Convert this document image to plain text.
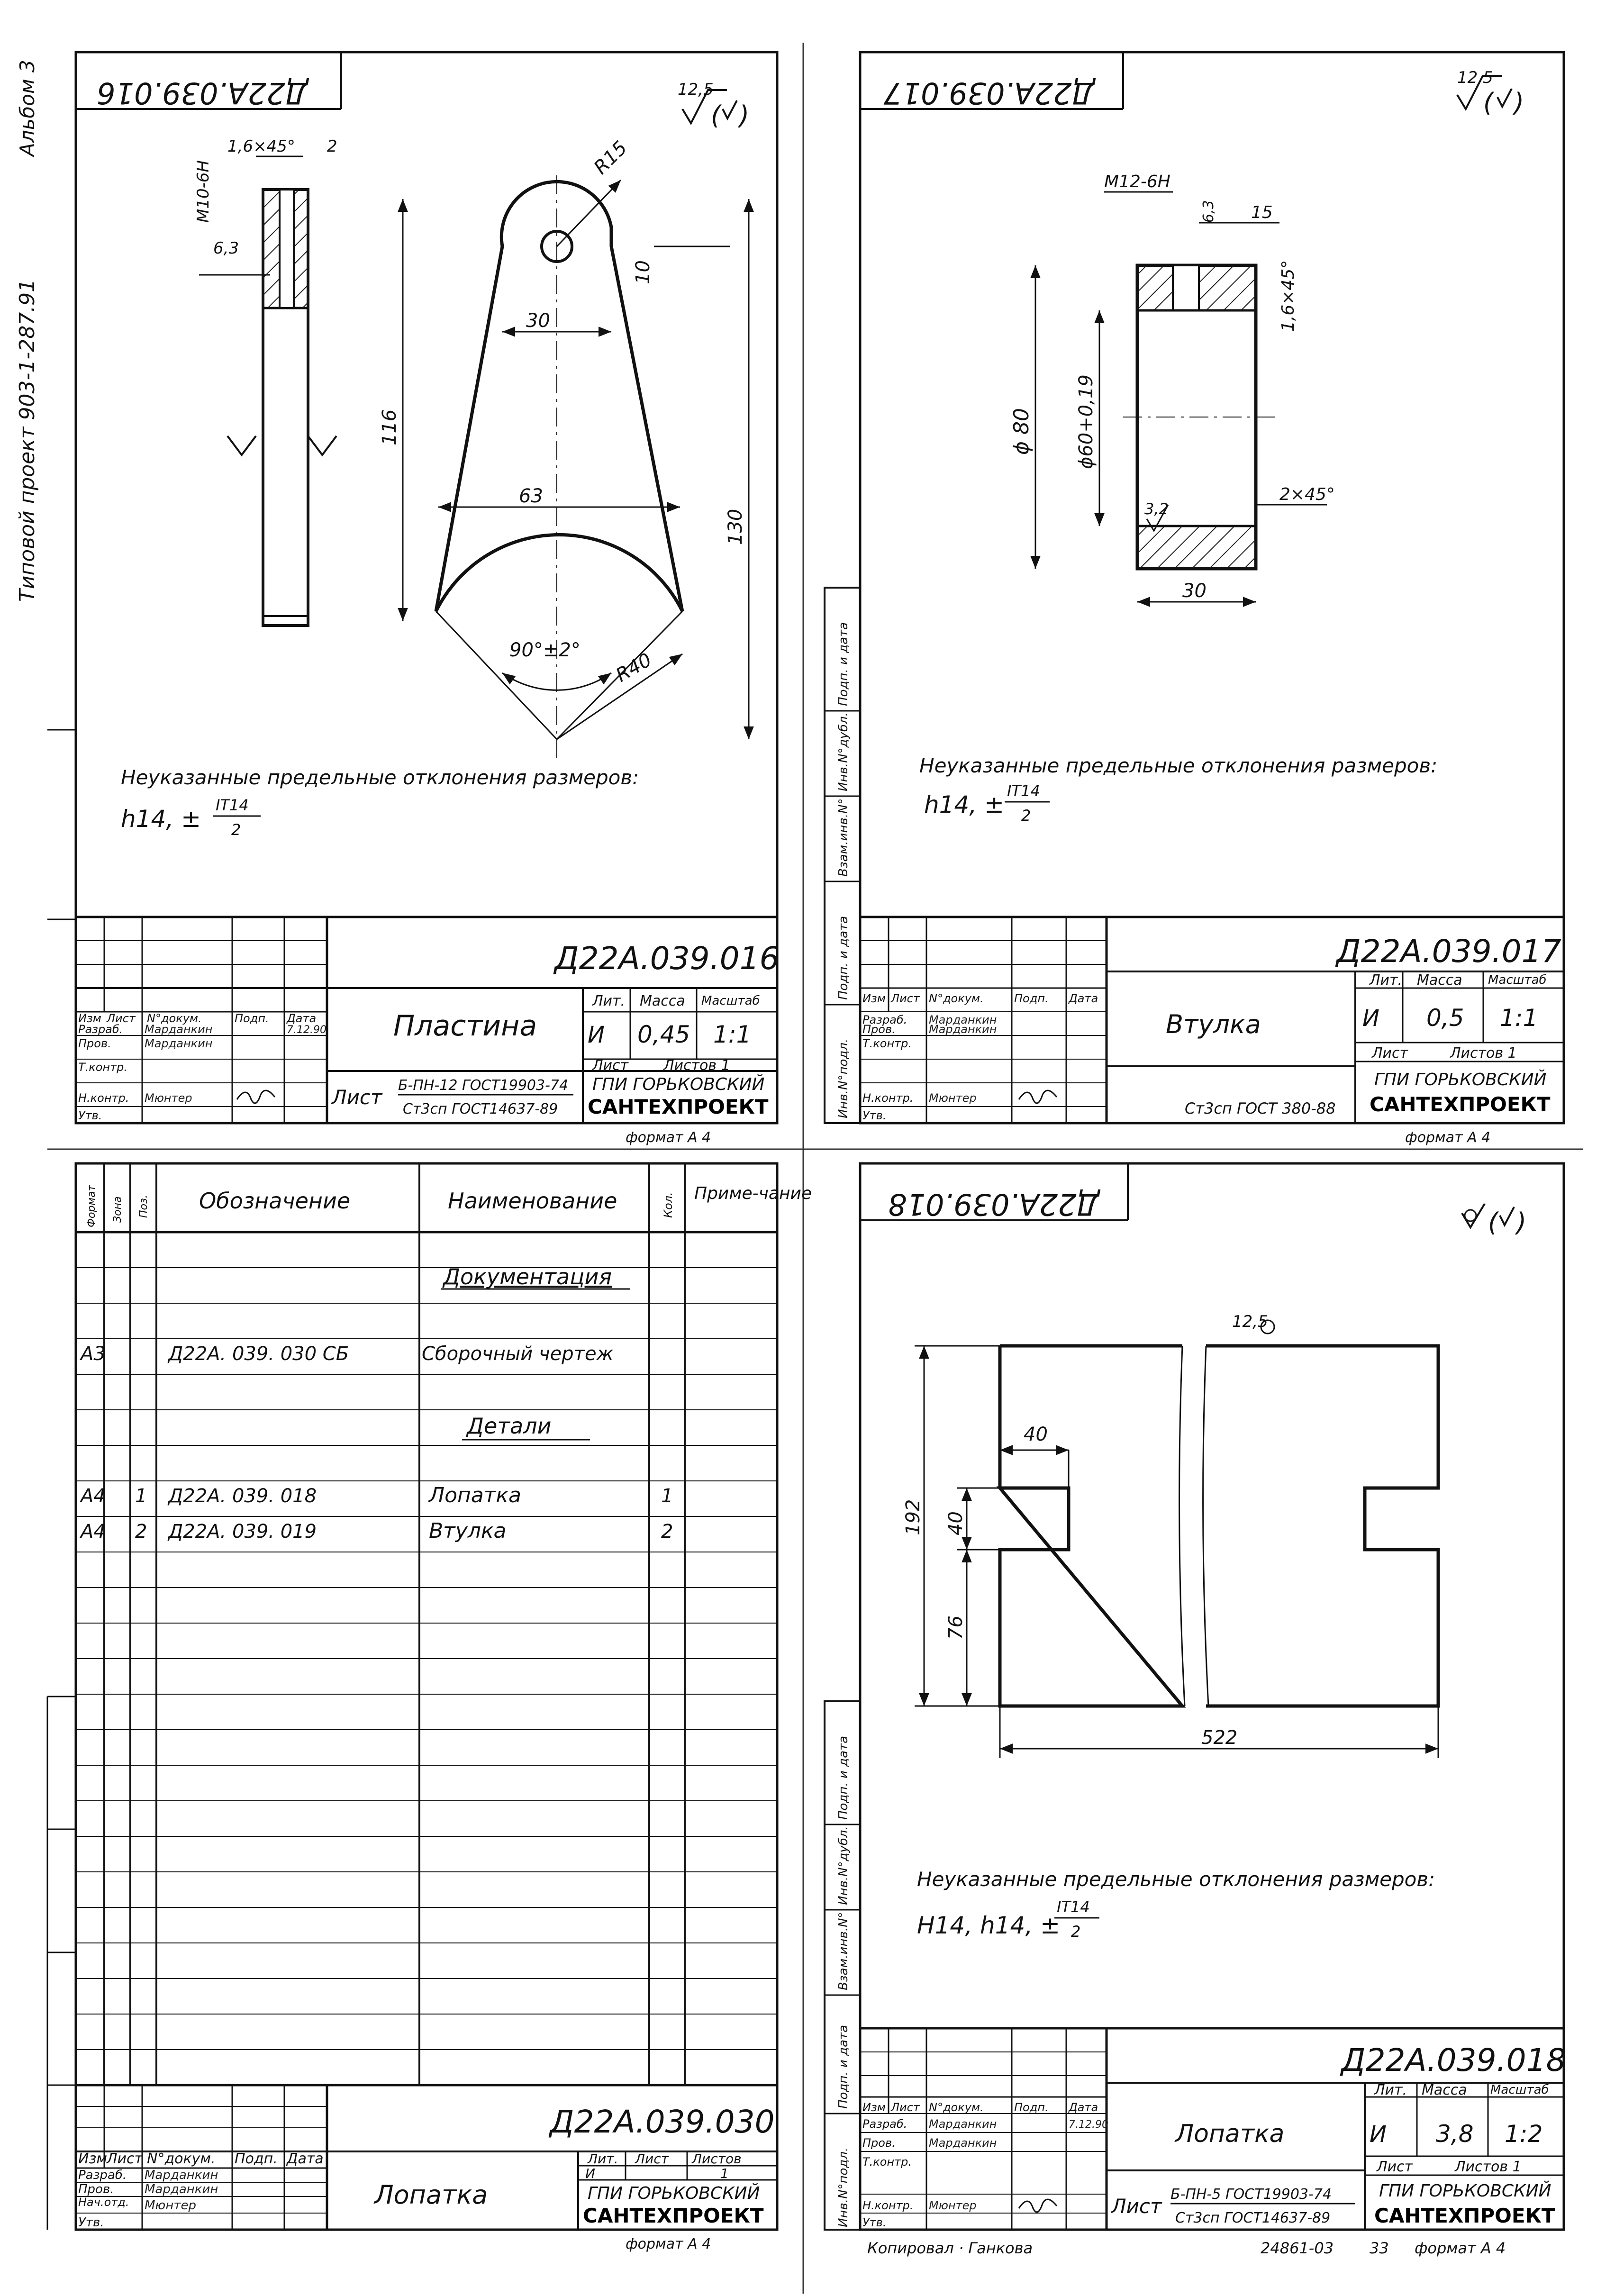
Типовой проект 903-1-287.91
Альбом 3 Д22А.039.016	12,5
( )
1,6×45° 2
М10-6Н
6,3
30
63
116
130
10
R15
90°±2° R40
Неуказанные предельные отклонения размеров:
h14, ± IT14
2
Изм Лист N°докум.	Подп. Дата
Разраб. Марданкин	7.12.90
Пров.	Марданкин
Т.контр.
Н.контр. Мюнтер
Утв.
Д22А.039.016
Пластина
Лит. Масса Масштаб
И 0,45 1:1
Лист Листов 1
ГПИ ГОРЬКОВСКИЙ
САНТЕХПРОЕКТ
Лист
Б-ПН-12 ГОСТ19903-74
Ст3сп ГОСТ14637-89
формат А 4
Д22А.039.017	12,5
( )
ϕ 80 ϕ60+0,19
30
М12-6Н
15
6,3
1,6×45°
2×45°
3,2
Неуказанные предельные отклонения размеров:
h14, ± IT14
2
Инв.N°подл.
Подп. и дата
Взам.инв.N°
Инв.N°дубл.
Подп. и дата
Изм Лист N°докум.	Подп. Дата
Разраб. Марданкин
Пров.	Марданкин
Т.контр.
Н.контр. Мюнтер
Утв.
Д22А.039.017
Втулка
Лит. Масса Масштаб
И 0,5 1:1
Лист	Листов 1
ГПИ ГОРЬКОВСКИЙ
САНТЕХПРОЕКТ
Ст3сп ГОСТ 380-88
формат А 4
Формат Зона Поз. Обозначение	Наименование	Кол. Приме-чание
Документация
А3	Д22А. 039. 030 СБ	Сборочный чертеж
Детали
А4 1 Д22А. 039. 018	Лопатка	1
А4 2 Д22А. 039. 019	Втулка	2
Изм
Лист N°докум. Подп. Дата
Разраб. Марданкин
Пров. Марданкин
Нач.отд. Мюнтер
Утв.
Д22А.039.030
Лопатка
Лит. Лист Листов
И	1
ГПИ ГОРЬКОВСКИЙ
САНТЕХПРОЕКТ
формат А 4
Д22А.039.018
( )
12,5
40
40
192
76
522
Неуказанные предельные отклонения размеров:
Н14, h14, ±
IT14
2
Инв.N°подл.
Подп. и дата
Взам.инв.N°
Инв.N°дубл.
Подп. и дата
Изм Лист N°докум.	Подп. Дата
Разраб. Марданкин	7.12.90
Пров.	Марданкин
Т.контр.
Н.контр. Мюнтер
Утв.
Д22А.039.018
Лопатка
Лит. Масса Масштаб
И 3,8 1:2
Лист	Листов 1
ГПИ ГОРЬКОВСКИЙ
САНТЕХПРОЕКТ
Лист
Б-ПН-5 ГОСТ19903-74
Ст3сп ГОСТ14637-89
Копировал · Ганкова	24861-03 33 формат А 4
